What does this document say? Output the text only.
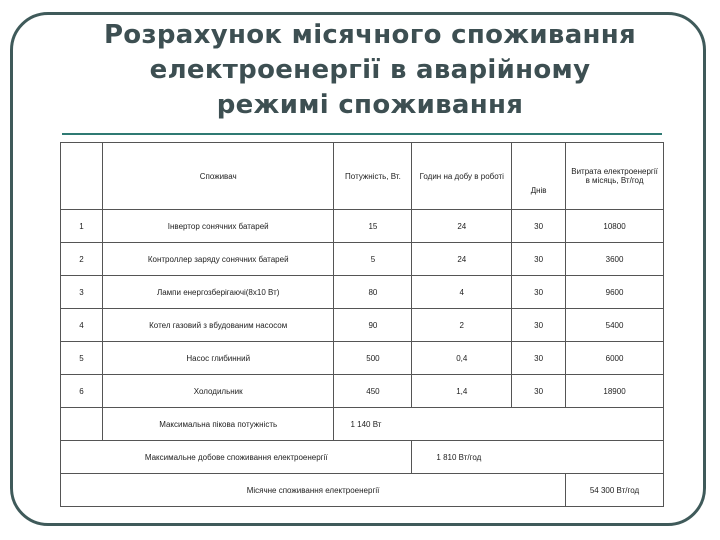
Розрахунок місячного споживання
електроенергії в аварійному
режимі споживання
	Споживач	Потужність, Вт.	Годин на добу в роботі	Днів	Витрата електроенергії в місяць, Вт/год
1	Інвертор сонячних батарей	15	24	30	10800
2	Контроллер заряду сонячних батарей	5	24	30	3600
3	Лампи енергозберігаючі(8х10 Вт)	80	4	30	9600
4	Котел газовий з вбудованим насосом	90	2	30	5400
5	Насос глибинний	500	0,4	30	6000
6	Холодильник	450	1,4	30	18900
	Максимальна пікова потужність	1 140 Вт			
Максимальне добове споживання електроенергії			1 810 Вт/год		
Місячне споживання електроенергії					54 300 Вт/год
